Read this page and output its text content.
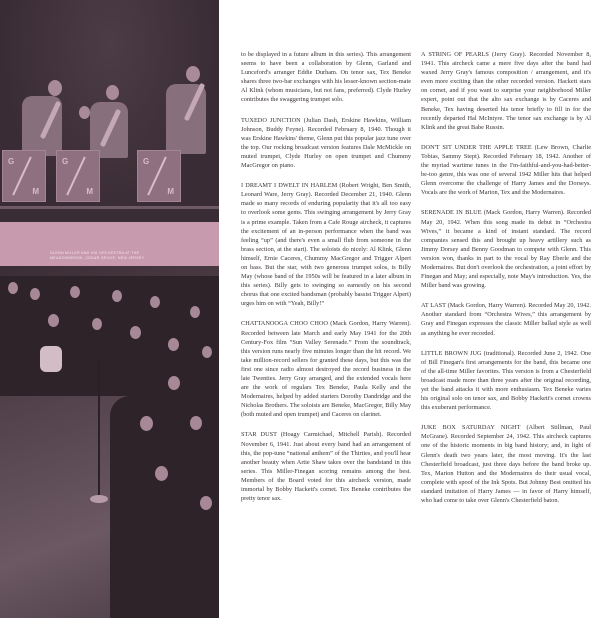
G
M
G
M
G
M
GLENN MILLER AND HIS ORCHESTRA AT THE
MEADOWBROOK, CEDAR GROVE, NEW JERSEY

to be displayed in a future album in this series). This arrangement seems to have been a collaboration by Glenn, Garland and Lunceford's arranger Eddie Durham. On tenor sax, Tex Beneke shares three two-bar exchanges with his lesser-known section-mate Al Klink (whom musicians, but not fans, preferred). Clyde Hurley contributes the swaggering trumpet solo.

TUXEDO JUNCTION (Julian Dash, Erskine Hawkins, William Johnson, Buddy Feyne). Recorded February 8, 1940. Though it was Erskine Hawkins' theme, Glenn put this popular jazz tune over the top. Our rocking broadcast version features Dale McMickle on muted trumpet, Clyde Hurley on open trumpet and Chummy MacGregor on piano.

I DREAMT I DWELT IN HARLEM (Robert Wright, Ben Smith, Leonard Ware, Jerry Gray). Recorded December 21, 1940. Glenn made so many records of enduring popularity that it's all too easy to overlook some gems. This swinging arrangement by Jerry Gray is a prime example. Taken from a Cafe Rouge aircheck, it captures the excitement of an in-person performance when the band was feeling “up” (and there's even a small flub from someone in the brass section, at the start). The soloists do nicely: Al Klink, Glenn himself, Ernie Caceres, Chummy MacGregor and Trigger Alpert on bass. But the star, with two generous trumpet solos, is Billy May (whose band of the 1950s will be featured in a later album in this series). Billy gets to swinging so earnestly on his second chorus that one excited bandsman (probably bassist Trigger Alpert) urges him on with “Yeah, Billy!”

CHATTANOOGA CHOO CHOO (Mack Gordon, Harry Warren). Recorded between late March and early May 1941 for the 20th Century-Fox film “Sun Valley Serenade.” From the soundtrack, this version runs nearly five minutes longer than the hit record. We take million-record sellers for granted these days, but this was the first one since radio almost destroyed the record business in the late Twenties. Jerry Gray arranged, and the extended vocals here are the work of regulars Tex Beneke, Paula Kelly and the Modernaires, helped by added starters Dorothy Dandridge and the Nicholas Brothers. The soloists are Beneke, MacGregor, Billy May (both muted and open trumpet) and Caceres on clarinet.

STAR DUST (Hoagy Carmichael, Mitchell Parish). Recorded November 6, 1941. Just about every band had an arrangement of this, the pop-tune “national anthem” of the Thirties, and you'll hear another beauty when Artie Shaw takes over the bandstand in this series. This Miller-Finegan scoring remains among the best. Members of the Board voted for this aircheck version, made immortal by Bobby Hackett's cornet. Tex Beneke contributes the pretty tenor sax.

A STRING OF PEARLS (Jerry Gray). Recorded November 8, 1941. This aircheck came a mere five days after the band had waxed Jerry Gray's famous composition / arrangement, and it's even more exciting than the other recorded version. Hackett stars on cornet, and if you want to surprise your neighborhood Miller expert, point out that the alto sax exchange is by Caceres and Beneke, Tex having deserted his tenor briefly to fill in for the recently departed Hal McIntyre. The tenor sax exchange is by Al Klink and the great Babe Russin.

DON'T SIT UNDER THE APPLE TREE (Lew Brown, Charlie Tobias, Sammy Stept). Recorded February 18, 1942. Another of the myriad wartime tunes in the I'm-faithful-and-you-had-better-be-too genre, this was one of several 1942 Miller hits that helped Glenn overcome the challenge of Harry James and the Dorseys. Vocals are the work of Marion, Tex and the Modernaires.

SERENADE IN BLUE (Mack Gordon, Harry Warren). Recorded May 20, 1942. When this song made its debut in “Orchestra Wives,” it became a kind of instant standard. The record companies sensed this and brought up heavy artillery such as Jimmy Dorsey and Benny Goodman to compete with Glenn. This version won, thanks in part to the vocal by Ray Eberle and the Modernaires. But don't overlook the orchestration, a joint effort by Finegan and May; and especially, note May's introduction. Yes, the Miller band was growing.

AT LAST (Mack Gordon, Harry Warren). Recorded May 20, 1942. Another standard from “Orchestra Wives,” this arrangement by Gray and Finegan expresses the classic Miller ballad style as well as anything he ever recorded.

LITTLE BROWN JUG (traditional). Recorded June 2, 1942. One of Bill Finegan's first arrangements for the band, this became one of the all-time Miller favorites. This version is from a Chesterfield broadcast made more than three years after the original recording, yet the band attacks it with more enthusiasm. Tex Beneke varies his original solo on tenor sax, and Bobby Hackett's cornet crowns this exuberant performance.

JUKE BOX SATURDAY NIGHT (Albert Stillman, Paul McGrane). Recorded September 24, 1942. This aircheck captures one of the historic moments in big band history; and, in light of Glenn's death two years later, the most moving. It's the last Chesterfield broadcast, just three days before the band broke up. Tex, Marion Hutton and the Modernaires do their usual vocal, complete with spoof of the Ink Spots. But Johnny Best omitted his standard imitation of Harry James — in favor of Harry himself, who had come to take over Glenn's Chesterfield baton.
